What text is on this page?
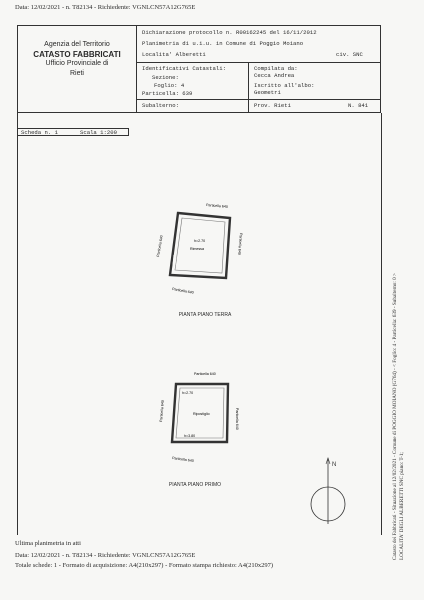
Data: 12/02/2021 - n. T82134 - Richiedente: VGNLCN57A12G765E
Agenzia del Territorio
CATASTO FABBRICATI
Ufficio Provinciale di
Rieti
Dichiarazione protocollo n. R00162245 del 16/11/2012
Planimetria di u.i.u. in Comune di Poggio Moiano
Localita' Alberetti	civ. SNC
Identificativi Catastali:
Sezione:
Foglio: 4
Particella: 639
Subalterno:
Compilata da:
Cecca Andrea
Iscritto all'albo:
Geometri
Prov. Rieti	N. 841
Scheda n. 1	Scala 1:200
Particella 640
Particella 640	Particella 640
Particella 640
h=2.70
Rimessa
PIANTA PIANO TERRA
Particella 640
Particella 640	Particella 640
Particella 640
h=2.70
Ripostiglio
h=3.80
PIANTA PIANO PRIMO
N
Ultima planimetria in atti
Data: 12/02/2021 - n. T82134 - Richiedente: VGNLCN57A12G765E
Totale schede: 1 - Formato di acquisizione: A4(210x297) - Formato stampa richiesto: A4(210x297)
Catasto dei Fabbricati - Situazione al 12/02/2021 - Comune di POGGIO MOIANO (G764) - < Foglio: 4 - Particella: 639 - Subalterno: 0 > LOCALITA' DEGLI ALBERETTI SNC piano: T-1;
